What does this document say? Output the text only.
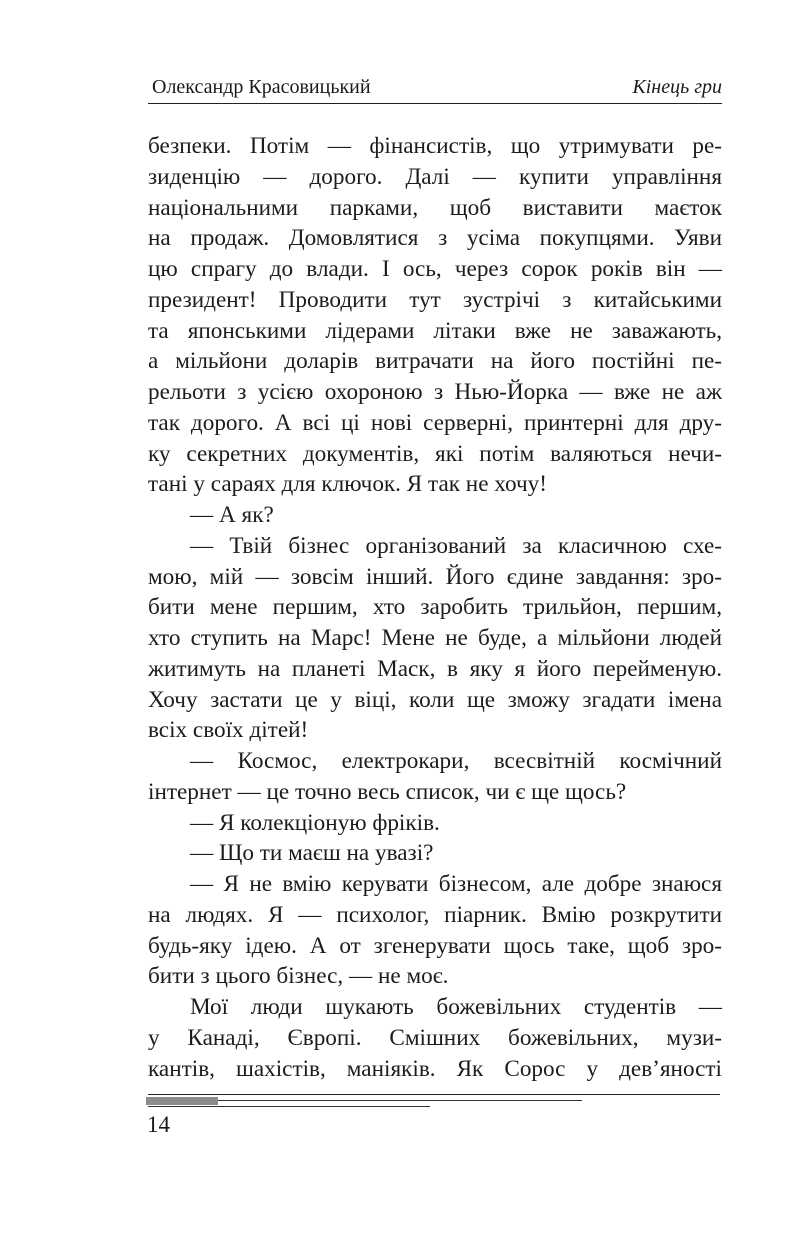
Олександр Красовицький	Кінець гри
безпеки. Потім — фінансистів, що утримувати ре-
зиденцію — дорого. Далі — купити управління
національними парками, щоб виставити маєток
на продаж. Домовлятися з усіма покупцями. Уяви
цю спрагу до влади. І ось, через сорок років він —
президент! Проводити тут зустрічі з китайськими
та японськими лідерами літаки вже не заважають,
а мільйони доларів витрачати на його постійні пе-
рельоти з усією охороною з Нью-Йорка — вже не аж
так дорого. А всі ці нові серверні, принтерні для дру-
ку секретних документів, які потім валяються нечи-
тані у сараях для ключок. Я так не хочу!
— А як?
— Твій бізнес організований за класичною схе-
мою, мій — зовсім інший. Його єдине завдання: зро-
бити мене першим, хто заробить трильйон, першим,
хто ступить на Марс! Мене не буде, а мільйони людей
житимуть на планеті Маск, в яку я його перейменую.
Хочу застати це у віці, коли ще зможу згадати імена
всіх своїх дітей!
— Космос, електрокари, всесвітній космічний
інтернет — це точно весь список, чи є ще щось?
— Я колекціоную фріків.
— Що ти маєш на увазі?
— Я не вмію керувати бізнесом, але добре знаюся
на людях. Я — психолог, піарник. Вмію розкрутити
будь-яку ідею. А от згенерувати щось таке, щоб зро-
бити з цього бізнес, — не моє.
Мої люди шукають божевільних студентів —
у Канаді, Європі. Смішних божевільних, музи-
кантів, шахістів, маніяків. Як Сорос у дев’яності
14
